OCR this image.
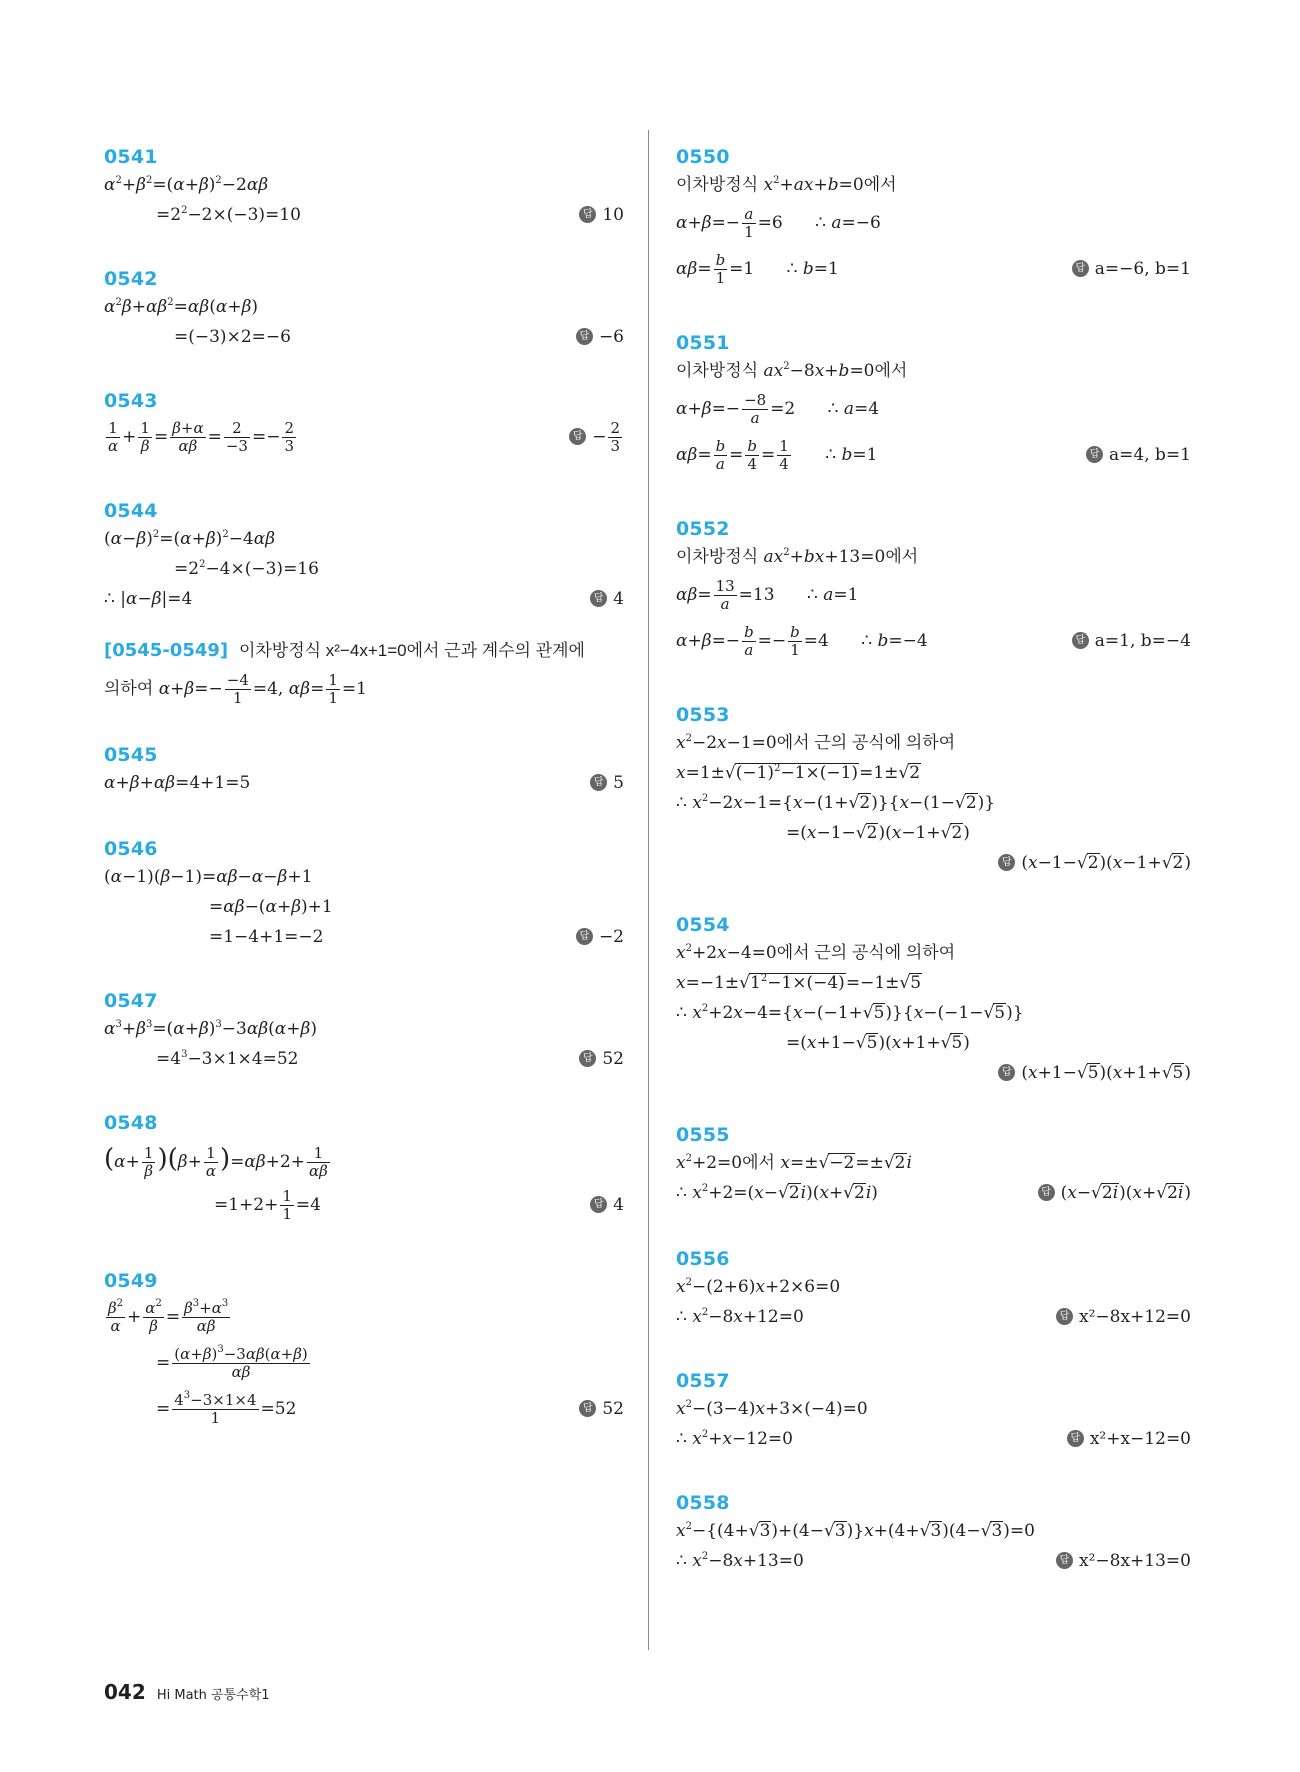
0541
$\alpha^2+\beta^2=(\alpha+\beta)^2-2\alpha\beta$
$=2^2-2\times(-3)=10$	답 10
0542
$\alpha^2\beta+\alpha\beta^2=\alpha\beta(\alpha+\beta)$
=(−3)×2=−6	답 −6
0543
$\frac{1}{\alpha} + \frac{1}{\beta} = \frac{\beta+\alpha}{\alpha\beta} = \frac{2}{-3} =- \frac{2}{3}$	답 − $\frac{2}{3}$
0544
$(\alpha-\beta)^2=(\alpha+\beta)^2-4\alpha\beta$
$=2^2-4\times(-3)=16$
∴ |α−β|=4	답 4
[0545-0549] 이차방정식 x²−4x+1=0에서 근과 계수의 관계에
의하여 $\alpha+\beta=- \frac{-4}{1} =4$, $\alpha\beta= \frac{1}{1} =1$
0545
α+β+αβ=4+1=5	답 5
0546
(α−1)(β−1)=αβ−α−β+1
=αβ−(α+β)+1
=1−4+1=−2	답 −2
0547
$\alpha^3+\beta^3=(\alpha+\beta)^3-3\alpha\beta(\alpha+\beta)$
$=4^3-3\times 1\times 4=52$	답 52
0548
$(\alpha+ \frac{1}{\beta} )(\beta+ \frac{1}{\alpha} )=\alpha\beta+2+ \frac{1}{\alpha\beta}$
$=1+2+ \frac{1}{1} =4$	답 4
0549
$\frac{\beta^2}{\alpha} + \frac{\alpha^2}{\beta} = \frac{\beta^3+\alpha^3}{\alpha\beta}$
= $\frac{(\alpha+\beta)^3-3\alpha\beta(\alpha+\beta)}{\alpha\beta}$
= $\frac{4^3-3\times 1\times 4}{1} =52$	답 52
0550
이차방정식 $x^2+ax+b=0$에서
$\alpha+\beta=- \frac{a}{1} =6$      ∴ a=−6
$\alpha\beta= \frac{b}{1} =1$      ∴ b=1	답 a=−6, b=1
0551
이차방정식 $ax^2-8x+b=0$에서
$\alpha+\beta=- \frac{-8}{a} =2$      ∴ a=4
$\alpha\beta= \frac{b}{a} = \frac{b}{4} = \frac{1}{4}$ ∴ b=1	답 a=4, b=1
0552
이차방정식 $ax^2+bx+13=0$에서
$\alpha\beta= \frac{13}{a} =13$      ∴ a=1
$\alpha+\beta=- \frac{b}{a} =- \frac{b}{1} =4$      ∴ b=−4	답 a=1, b=−4
0553
$x^2-2x-1=0$에서 근의 공식에 의하여
$x=1\pm√(-1)^2-1\times(-1)=1\pm√2$
∴ $x^2-2x-1=\{x-(1+√2)\}\{x-(1-√2)\}$
=(x−1−√2)(x−1+√2)
답 (x−1−√2)(x−1+√2)
0554
$x^2+2x-4=0$에서 근의 공식에 의하여
$x=-1\pm√1^2-1\times(-4)=-1\pm√5$
∴ $x^2+2x-4=\{x-(-1+√5)\}\{x-(-1-√5)\}$
=(x+1−√5)(x+1+√5)
답 (x+1−√5)(x+1+√5)
0555
$x^2+2=0$에서 x=±√−2=±√2i
∴ $x^2+2=(x-√2i)(x+√2i)$	답 (x−√2i)(x+√2i)
0556
$x^2-(2+6)x+2\times 6=0$
∴ $x^2-8x+12=0$	답 x²−8x+12=0
0557
$x^2-(3-4)x+3\times(-4)=0$
∴ $x^2+x-12=0$	답 x²+x−12=0
0558
$x^2-\{(4+√3)+(4-√3)\}x+(4+√3)(4-√3)=0$
∴ $x^2-8x+13=0$	답 x²−8x+13=0
042 Hi Math 공통수학1
